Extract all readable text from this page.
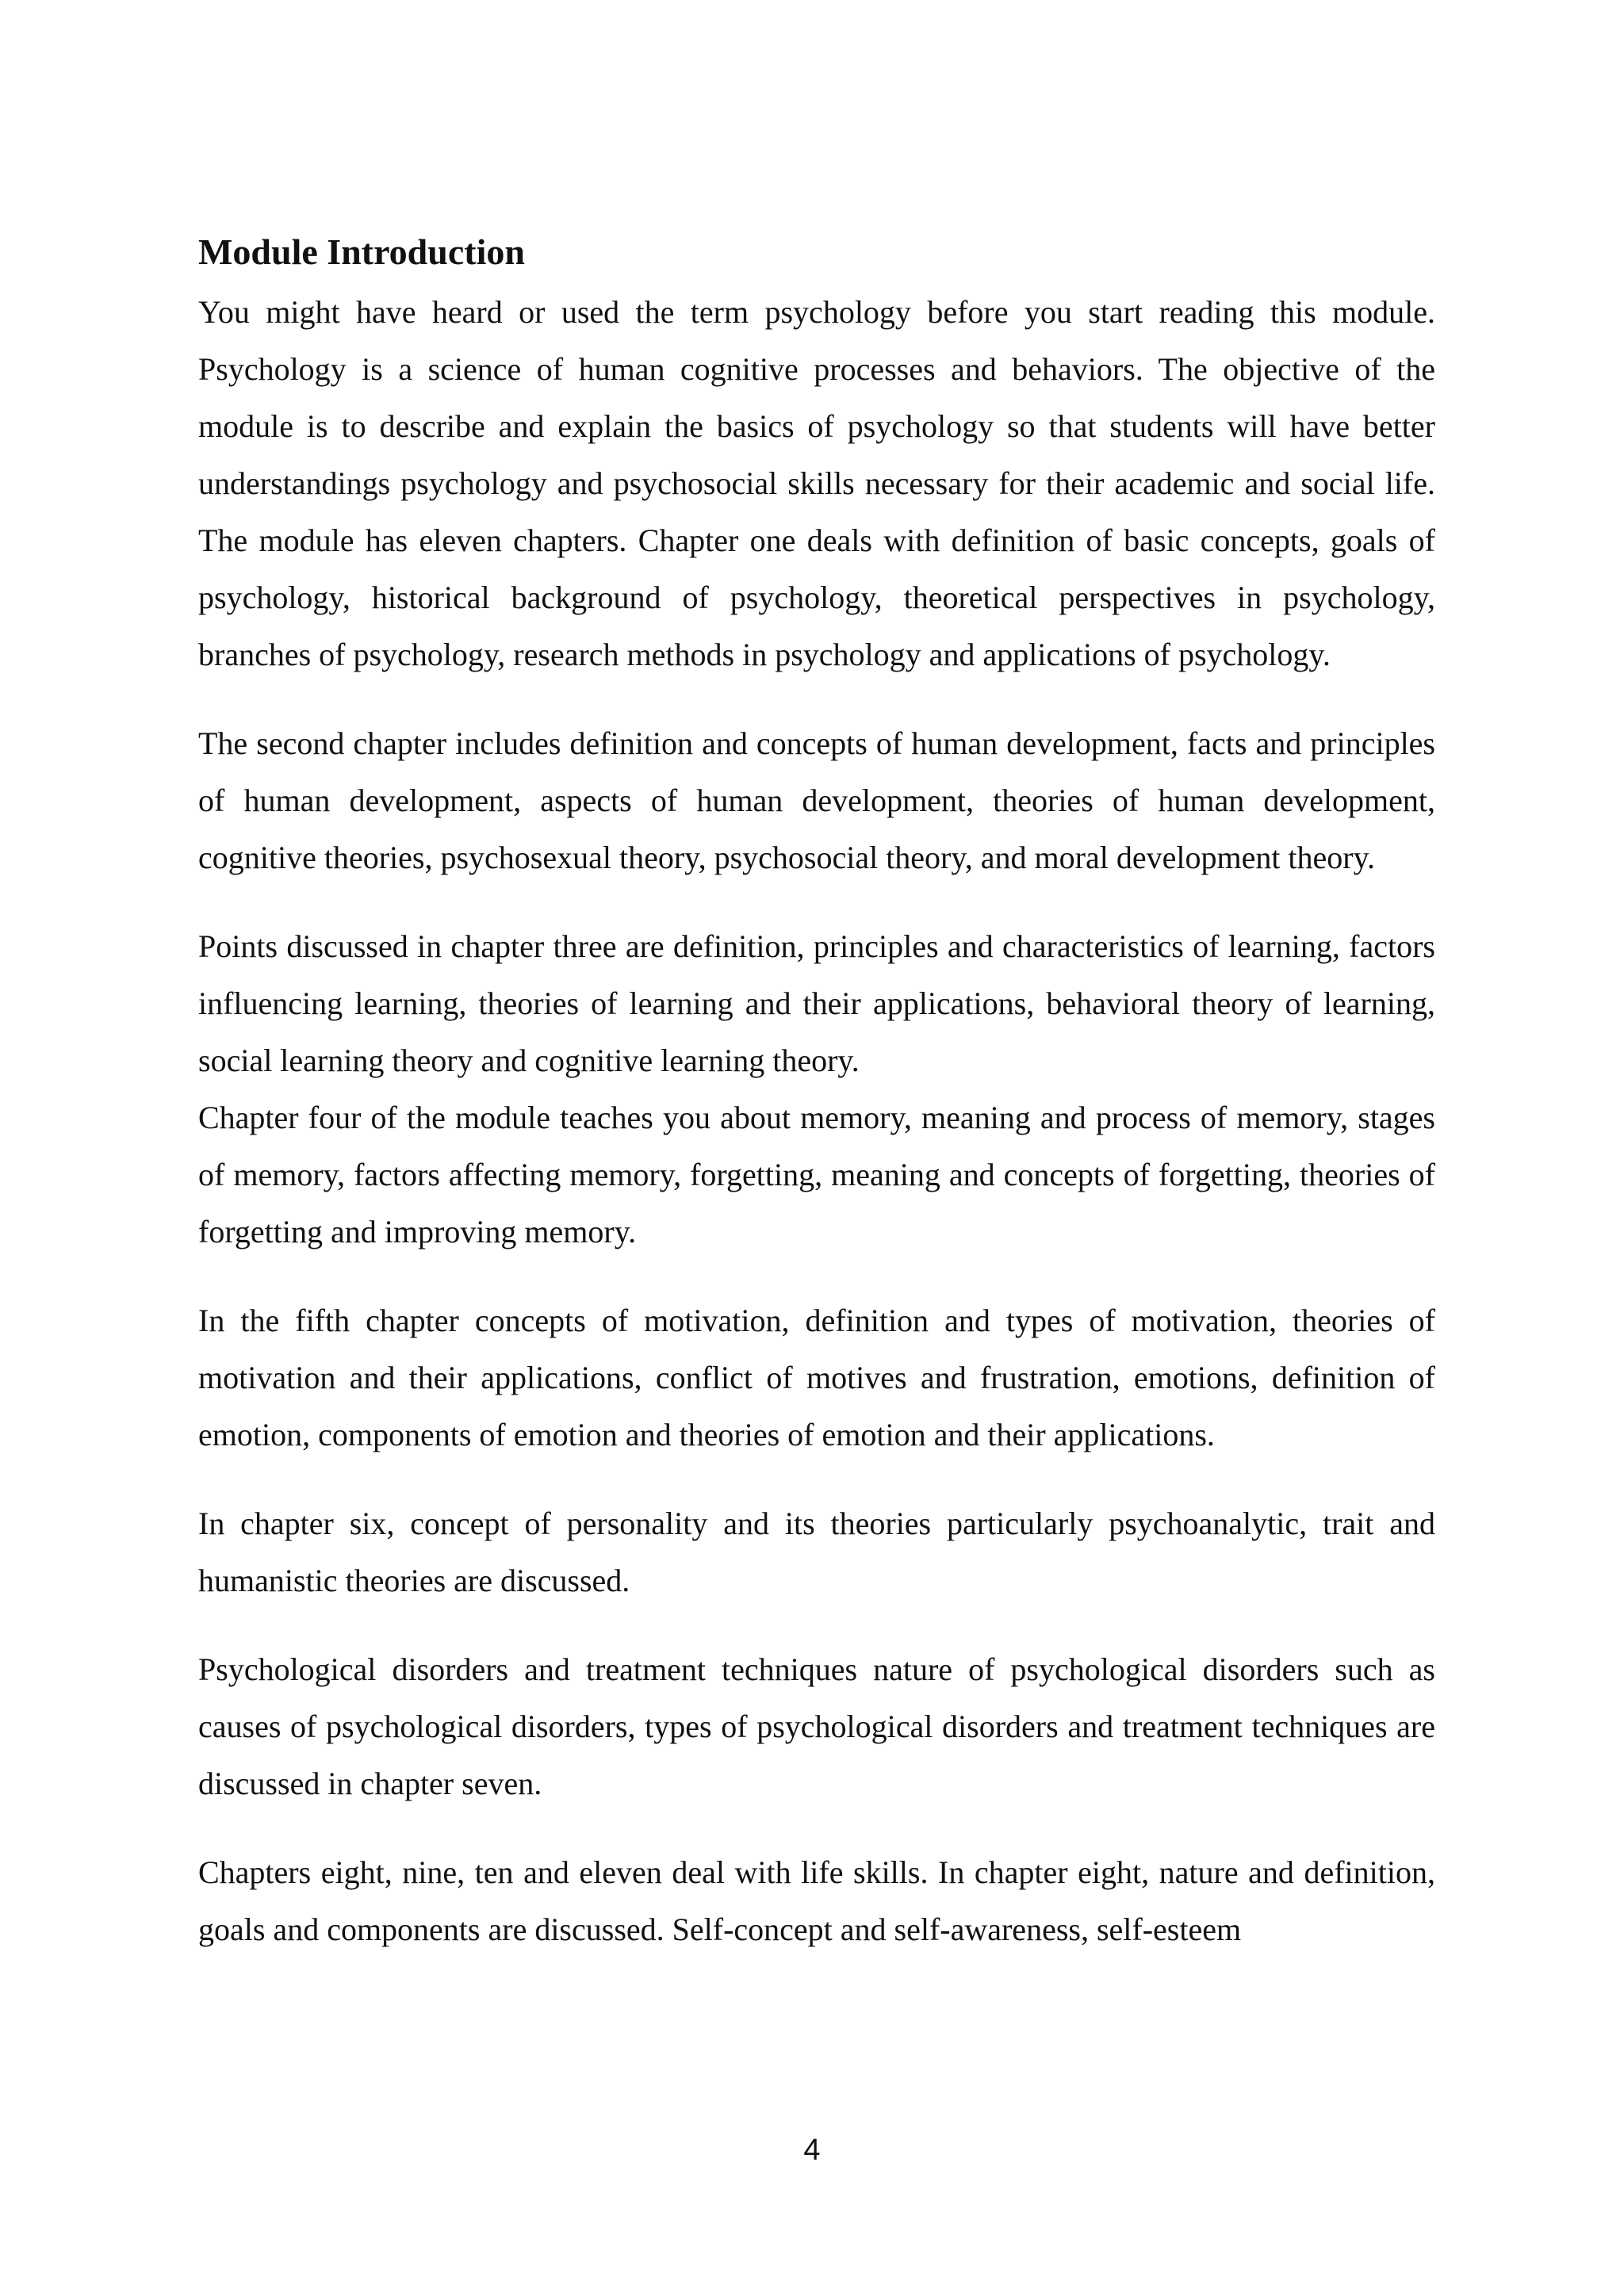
Module Introduction

You might have heard or used the term psychology before you start reading this module. Psychology is a science of human cognitive processes and behaviors. The objective of the module is to describe and explain the basics of psychology so that students will have better understandings psychology and psychosocial skills necessary for their academic and social life. The module has eleven chapters. Chapter one deals with definition of basic concepts, goals of psychology, historical background of psychology, theoretical perspectives in psychology, branches of psychology, research methods in psychology and applications of psychology.

The second chapter includes definition and concepts of human development, facts and principles of human development, aspects of human development, theories of human development, cognitive theories, psychosexual theory, psychosocial theory, and moral development theory.

Points discussed in chapter three are definition, principles and characteristics of learning, factors influencing learning, theories of learning and their applications, behavioral theory of learning, social learning theory and cognitive learning theory.

Chapter four of the module teaches you about memory, meaning and process of memory, stages of memory, factors affecting memory, forgetting, meaning and concepts of forgetting, theories of forgetting and improving memory.

In the fifth chapter concepts of motivation, definition and types of motivation, theories of motivation and their applications, conflict of motives and frustration, emotions, definition of emotion, components of emotion and theories of emotion and their applications.

In chapter six, concept of personality and its theories particularly psychoanalytic, trait and humanistic theories are discussed.

Psychological disorders and treatment techniques nature of psychological disorders such as causes of psychological disorders, types of psychological disorders and treatment techniques are discussed in chapter seven.

Chapters eight, nine, ten and eleven deal with life skills. In chapter eight, nature and definition, goals and components are discussed. Self-concept and self-awareness, self-esteem

4
